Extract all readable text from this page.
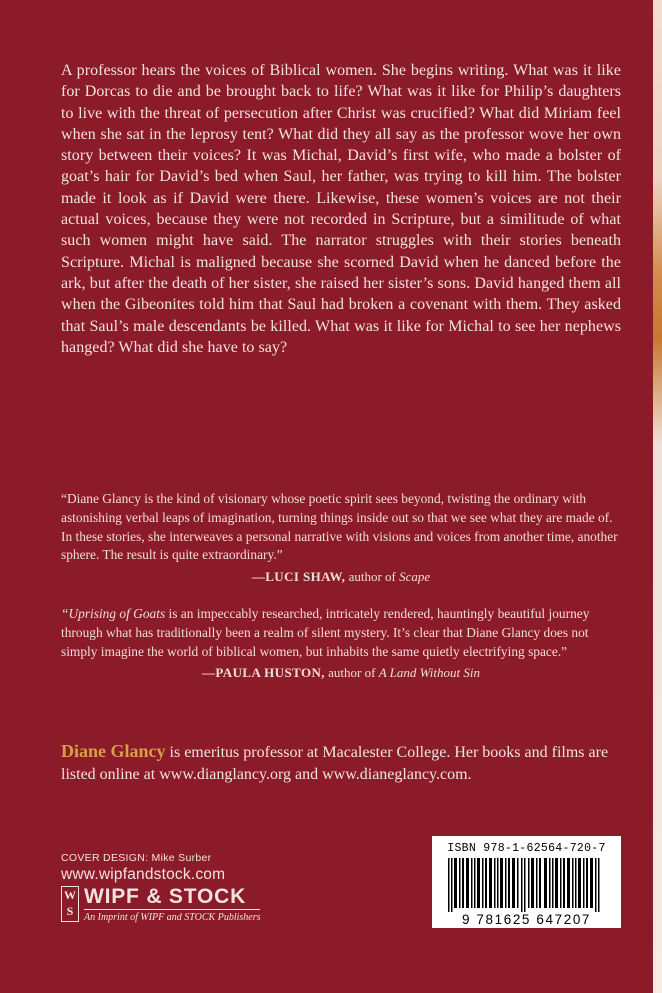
A professor hears the voices of Biblical women. She begins writing. What was it like for Dorcas to die and be brought back to life? What was it like for Philip’s daughters to live with the threat of persecution after Christ was crucified? What did Miriam feel when she sat in the leprosy tent? What did they all say as the professor wove her own story between their voices? It was Michal, David’s first wife, who made a bolster of goat’s hair for David’s bed when Saul, her father, was trying to kill him. The bolster made it look as if David were there. Likewise, these women’s voices are not their actual voices, because they were not recorded in Scripture, but a similitude of what such women might have said. The narrator struggles with their stories beneath Scripture. Michal is maligned because she scorned David when he danced before the ark, but after the death of her sister, she raised her sister’s sons. David hanged them all when the Gibeonites told him that Saul had broken a covenant with them. They asked that Saul’s male descendants be killed. What was it like for Michal to see her nephews hanged? What did she have to say?

“Diane Glancy is the kind of visionary whose poetic spirit sees beyond, twisting the ordinary with astonishing verbal leaps of imagination, turning things inside out so that we see what they are made of. In these stories, she interweaves a personal narrative with visions and voices from another time, another sphere. The result is quite extraordinary.”

—LUCI SHAW, author of Scape

“Uprising of Goats is an impeccably researched, intricately rendered, hauntingly beautiful journey through what has traditionally been a realm of silent mystery. It’s clear that Diane Glancy does not simply imagine the world of biblical women, but inhabits the same quietly electrifying space.”

—PAULA HUSTON, author of A Land Without Sin

Diane Glancy is emeritus professor at Macalester College. Her books and films are listed online at www.dianglancy.org and www.dianeglancy.com.

COVER DESIGN: Mike Surber

www.wipfandstock.com

W
S

WIPF & STOCK

An Imprint of WIPF and STOCK Publishers

ISBN 978-1-62564-720-7

9 781625 647207
